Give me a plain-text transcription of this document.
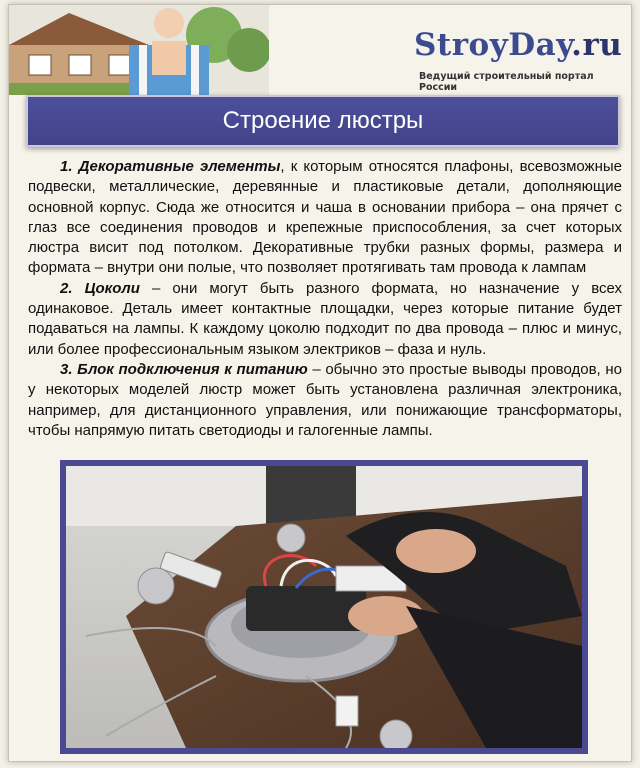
StroyDay.ru
Ведущий строительный портал России
Строение люстры

1. Декоративные элементы, к которым относятся плафоны, всевозможные подвески, металлические, деревянные и пластиковые детали, дополняющие основной корпус. Сюда же относится и чаша в основании прибора – она прячет с глаз все соединения проводов и крепежные приспособления, за счет которых люстра висит под потолком. Декоративные трубки разных формы, размера и формата – внутри они полые, что позволяет протягивать там провода к лампам

2. Цоколи – они могут быть разного формата, но назначение у всех одинаковое. Деталь имеет контактные площадки, через которые питание будет подаваться на лампы. К каждому цоколю подходит по два провода – плюс и минус, или более профессиональным языком электриков – фаза и нуль.

3. Блок подключения к питанию – обычно это простые выводы проводов, но у некоторых моделей люстр может быть установлена различная электроника, например, для дистанционного управления, или понижающие трансформаторы, чтобы напрямую питать светодиоды и галогенные лампы.
